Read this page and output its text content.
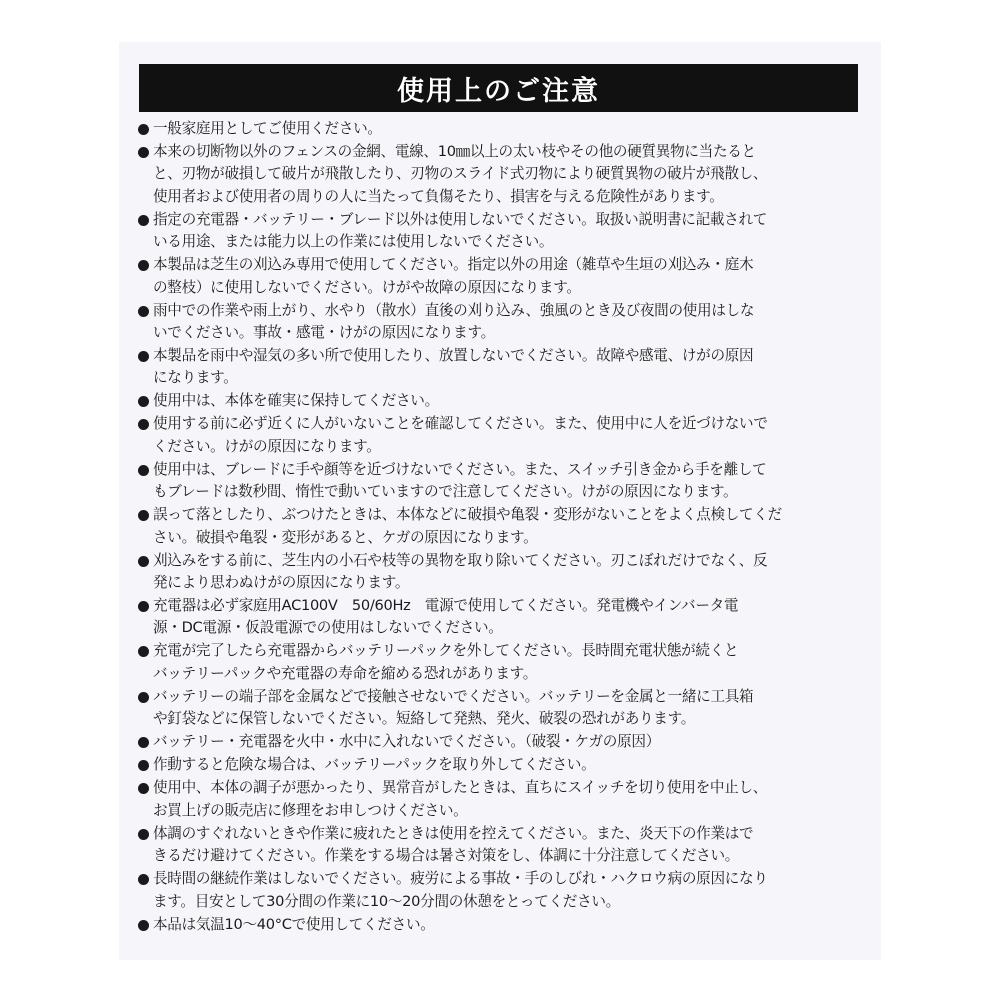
使用上のご注意
一般家庭用としてご使用ください。
本来の切断物以外のフェンスの金網、電線、10㎜以上の太い枝やその他の硬質異物に当たると
と、刃物が破損して破片が飛散したり、刃物のスライド式刃物により硬質異物の破片が飛散し、
使用者および使用者の周りの人に当たって負傷そたり、損害を与える危険性があります。
指定の充電器・バッテリー・ブレード以外は使用しないでください。取扱い説明書に記載されて
いる用途、または能力以上の作業には使用しないでください。
本製品は芝生の刈込み専用で使用してください。指定以外の用途（雑草や生垣の刈込み・庭木
の整枝）に使用しないでください。けがや故障の原因になります。
雨中での作業や雨上がり、水やり（散水）直後の刈り込み、強風のとき及び夜間の使用はしな
いでください。事故・感電・けがの原因になります。
本製品を雨中や湿気の多い所で使用したり、放置しないでください。故障や感電、けがの原因
になります。
使用中は、本体を確実に保持してください。
使用する前に必ず近くに人がいないことを確認してください。また、使用中に人を近づけないで
ください。けがの原因になります。
使用中は、ブレードに手や顔等を近づけないでください。また、スイッチ引き金から手を離して
もブレードは数秒間、惰性で動いていますので注意してください。けがの原因になります。
誤って落としたり、ぶつけたときは、本体などに破損や亀裂・変形がないことをよく点検してくだ
さい。破損や亀裂・変形があると、ケガの原因になります。
刈込みをする前に、芝生内の小石や枝等の異物を取り除いてください。刃こぼれだけでなく、反
発により思わぬけがの原因になります。
充電器は必ず家庭用AC100V　50/60Hz　電源で使用してください。発電機やインバータ電
源・DC電源・仮設電源での使用はしないでください。
充電が完了したら充電器からバッテリーパックを外してください。長時間充電状態が続くと
バッテリーパックや充電器の寿命を縮める恐れがあります。
バッテリーの端子部を金属などで接触させないでください。バッテリーを金属と一緒に工具箱
や釘袋などに保管しないでください。短絡して発熱、発火、破裂の恐れがあります。
バッテリー・充電器を火中・水中に入れないでください。（破裂・ケガの原因）
作動すると危険な場合は、バッテリーパックを取り外してください。
使用中、本体の調子が悪かったり、異常音がしたときは、直ちにスイッチを切り使用を中止し、
お買上げの販売店に修理をお申しつけください。
体調のすぐれないときや作業に疲れたときは使用を控えてください。また、炎天下の作業はで
きるだけ避けてください。作業をする場合は暑さ対策をし、体調に十分注意してください。
長時間の継続作業はしないでください。疲労による事故・手のしびれ・ハクロウ病の原因になり
ます。目安として30分間の作業に10〜20分間の休憩をとってください。
本品は気温10〜40°Cで使用してください。
